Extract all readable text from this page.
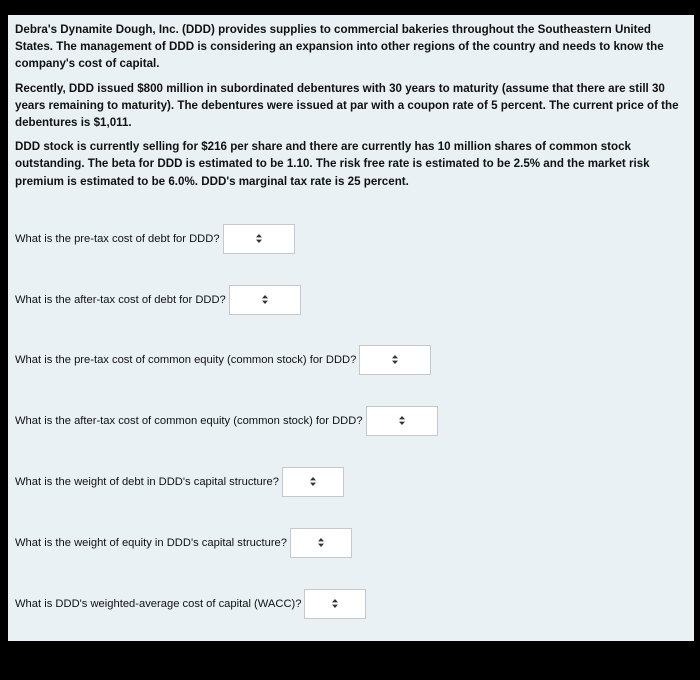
Debra's Dynamite Dough, Inc. (DDD) provides supplies to commercial bakeries throughout the Southeastern United States. The management of DDD is considering an expansion into other regions of the country and needs to know the company's cost of capital.

Recently, DDD issued $800 million in subordinated debentures with 30 years to maturity (assume that there are still 30 years remaining to maturity). The debentures were issued at par with a coupon rate of 5 percent. The current price of the debentures is $1,011.

DDD stock is currently selling for $216 per share and there are currently has 10 million shares of common stock outstanding. The beta for DDD is estimated to be 1.10. The risk free rate is estimated to be 2.5% and the market risk premium is estimated to be 6.0%. DDD's marginal tax rate is 25 percent.

What is the pre-tax cost of debt for DDD?
What is the after-tax cost of debt for DDD?
What is the pre-tax cost of common equity (common stock) for DDD?
What is the after-tax cost of common equity (common stock) for DDD?
What is the weight of debt in DDD's capital structure?
What is the weight of equity in DDD's capital structure?
What is DDD's weighted-average cost of capital (WACC)?
